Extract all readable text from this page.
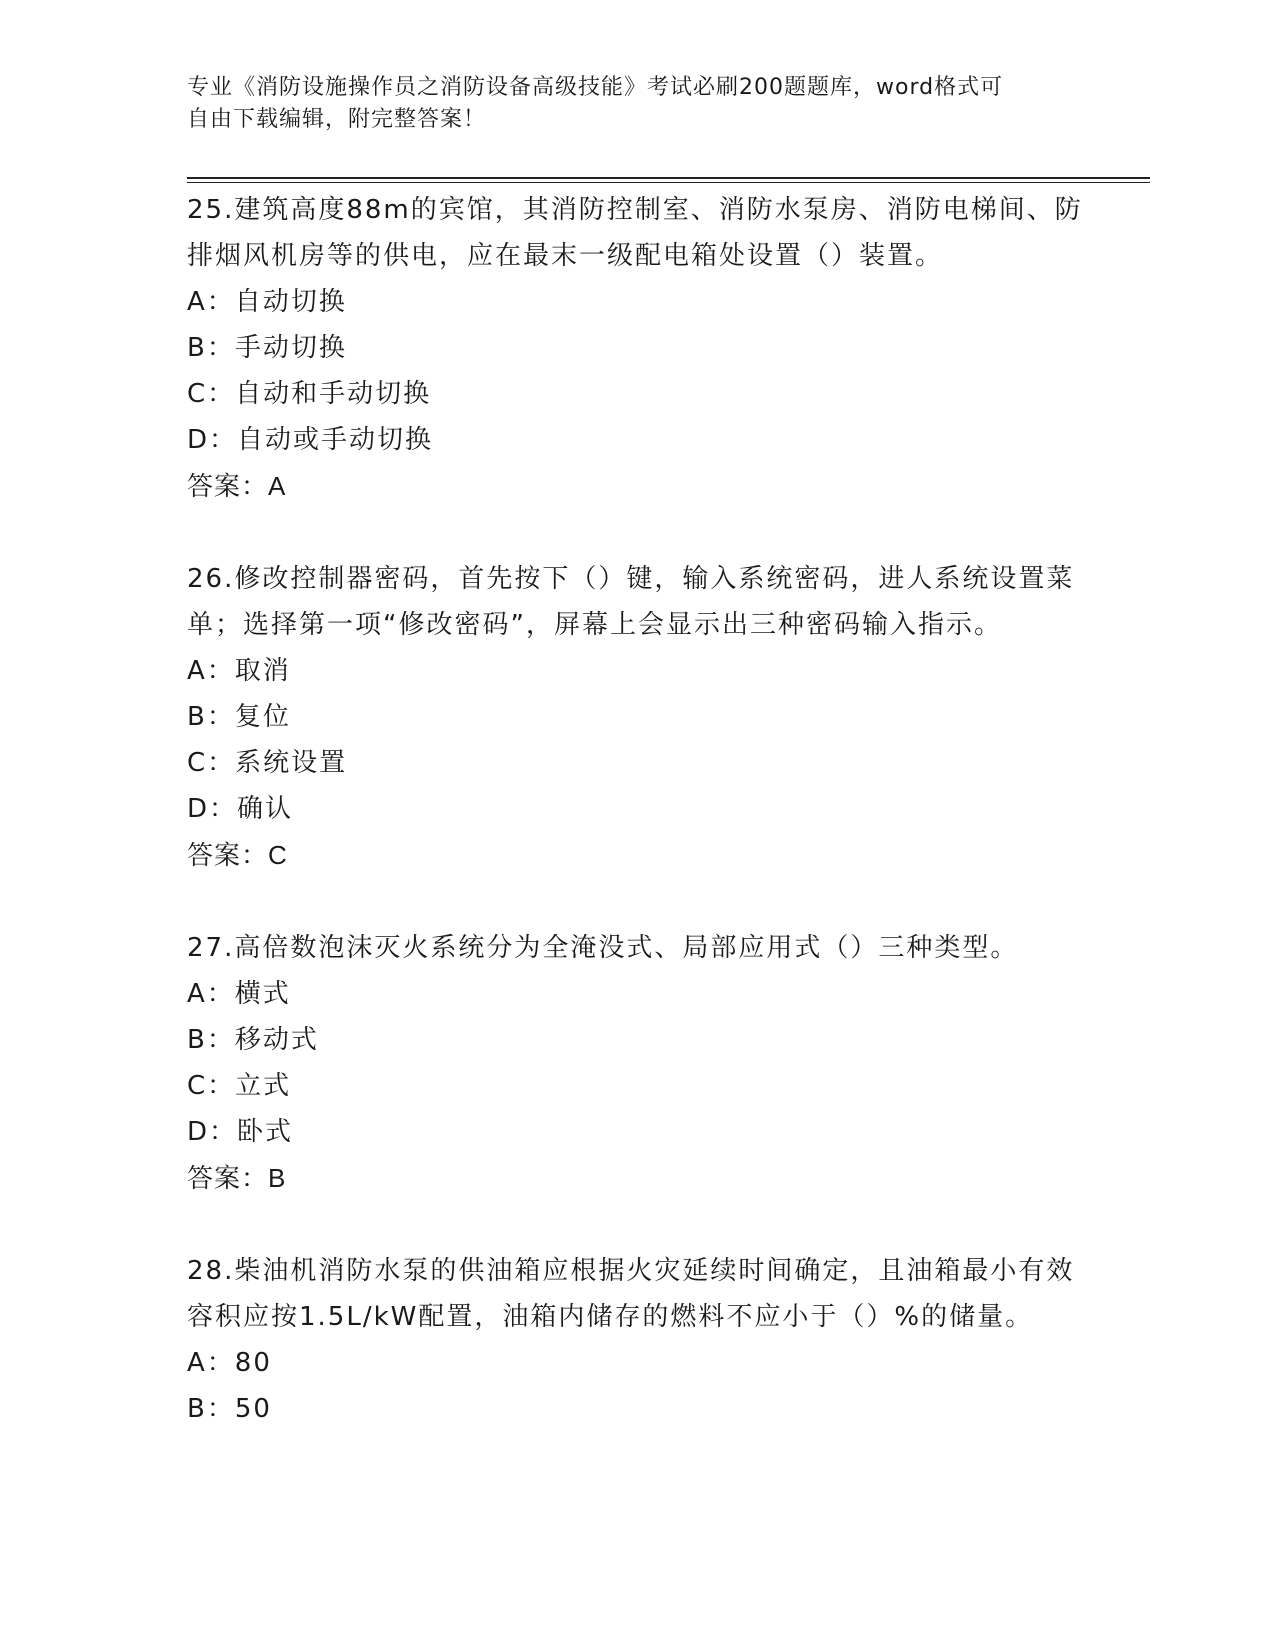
专业《消防设施操作员之消防设备高级技能》考试必刷200题题库，word格式可
自由下载编辑，附完整答案！
25.建筑高度88m的宾馆，其消防控制室、消防水泵房、消防电梯间、防排烟风机房等的供电，应在最末一级配电箱处设置（）装置。
A：自动切换
B：手动切换
C：自动和手动切换
D：自动或手动切换
答案：A
26.修改控制器密码，首先按下（）键，输入系统密码，进人系统设置菜单；选择第一项“修改密码”，屏幕上会显示出三种密码输入指示。
A：取消
B：复位
C：系统设置
D：确认
答案：C
27.高倍数泡沫灭火系统分为全淹没式、局部应用式（）三种类型。
A：横式
B：移动式
C：立式
D：卧式
答案：B
28.柴油机消防水泵的供油箱应根据火灾延续时间确定，且油箱最小有效容积应按1.5L/kW配置，油箱内储存的燃料不应小于（）%的储量。
A：80
B：50
